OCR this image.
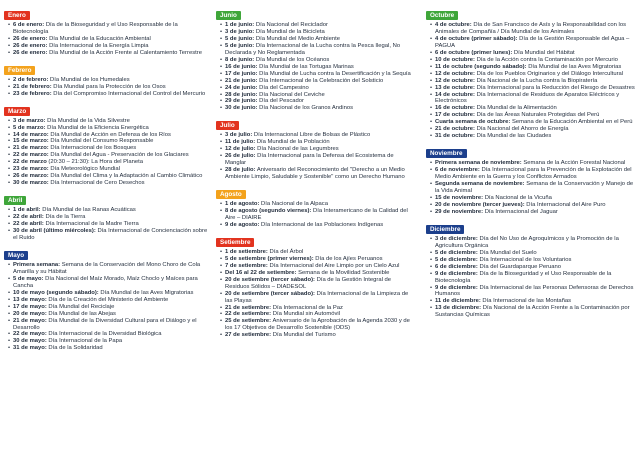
Enero
• 6 de enero: Día de la Bioseguridad y el Uso Responsable de la Biotecnología
• 26 de enero: Día Mundial de la Educación Ambiental
• 26 de enero: Día Internacional de la Energía Limpia
• 26 de enero: Día Mundial de la Acción Frente al Calentamiento Terrestre
Febrero
• 2 de febrero: Día Mundial de los Humedales
• 21 de febrero: Día Mundial para la Protección de los Osos
• 23 de febrero: Día del Compromiso Internacional del Control del Mercurio
Marzo
• 3 de marzo: Día Mundial de la Vida Silvestre
• 5 de marzo: Día Mundial de la Eficiencia Energética
• 14 de marzo: Día Mundial de Acción en Defensa de los Ríos
• 15 de marzo: Día Mundial del Consumo Responsable
• 21 de marzo: Día Internacional de los Bosques
• 22 de marzo: Día Mundial del Agua - Preservación de los Glaciares
• 22 de marzo (20:30 – 21:30): La Hora del Planeta
• 23 de marzo: Día Meteorológico Mundial
• 26 de marzo: Día Mundial del Clima y la Adaptación al Cambio Climático
• 30 de marzo: Día Internacional de Cero Desechos
Abril
• 1 de abril: Día Mundial de las Ranas Acuáticas
• 22 de abril: Día de la Tierra
• 22 de abril: Día Internacional de la Madre Tierra
• 30 de abril (último miércoles): Día Internacional de Concienciación sobre el Ruido
Mayo
• Primera semana: Semana de la Conservación del Mono Choro de Cola Amarilla y su Hábitat
• 5 de mayo: Día Nacional del Maíz Morado, Maíz Choclo y Maíces para Cancha
• 10 de mayo (segundo sábado): Día Mundial de las Aves Migratorias
• 13 de mayo: Día de la Creación del Ministerio del Ambiente
• 17 de mayo: Día Mundial del Reciclaje
• 20 de mayo: Día Mundial de las Abejas
• 21 de mayo: Día Mundial de la Diversidad Cultural para el Diálogo y el Desarrollo
• 22 de mayo: Día Internacional de la Diversidad Biológica
• 30 de mayo: Día Internacional de la Papa
• 31 de mayo: Día de la Solidaridad
Junio
• 1 de junio: Día Nacional del Reciclador
• 3 de junio: Día Mundial de la Bicicleta
• 5 de junio: Día Mundial del Medio Ambiente
• 5 de junio: Día Internacional de la Lucha contra la Pesca Ilegal, No Declarada y No Reglamentada
• 8 de junio: Día Mundial de los Océanos
• 16 de junio: Día Mundial de las Tortugas Marinas
• 17 de junio: Día Mundial de Lucha contra la Desertificación y la Sequía
• 21 de junio: Día Internacional de la Celebración del Solsticio
• 24 de junio: Día del Campesino
• 28 de junio: Día Nacional del Ceviche
• 29 de junio: Día del Pescador
• 30 de junio: Día Nacional de los Granos Andinos
Julio
• 3 de julio: Día Internacional Libre de Bolsas de Plástico
• 11 de julio: Día Mundial de la Población
• 12 de julio: Día Nacional de las Legumbres
• 26 de julio: Día Internacional para la Defensa del Ecosistema de Manglar
• 28 de julio: Aniversario del Reconocimiento del "Derecho a un Medio Ambiente Limpio, Saludable y Sostenible" como un Derecho Humano
Agosto
• 1 de agosto: Día Nacional de la Alpaca
• 8 de agosto (segundo viernes): Día Interamericano de la Calidad del Aire – DIAIRE
• 9 de agosto: Día Internacional de las Poblaciones Indígenas
Setiembre
• 1 de setiembre: Día del Árbol
• 5 de setiembre (primer viernes): Día de los Ajíes Peruanos
• 7 de setiembre: Día Internacional del Aire Limpio por un Cielo Azul
• Del 16 al 22 de setiembre: Semana de la Movilidad Sostenible
• 20 de setiembre (tercer sábado): Día de la Gestión Integral de Residuos Sólidos – DIADESOL
• 20 de setiembre (tercer sábado): Día Internacional de la Limpieza de las Playas
• 21 de setiembre: Día Internacional de la Paz
• 22 de setiembre: Día Mundial sin Automóvil
• 25 de setiembre: Aniversario de la Aprobación de la Agenda 2030 y de los 17 Objetivos de Desarrollo Sostenible (ODS)
• 27 de setiembre: Día Mundial del Turismo
Octubre
• 4 de octubre: Día de San Francisco de Asís y la Responsabilidad con los Animales de Compañía / Día Mundial de los Animales
• 4 de octubre (primer sábado): Día de la Gestión Responsable del Agua – PAGUA
• 6 de octubre (primer lunes): Día Mundial del Hábitat
• 10 de octubre: Día de la Acción contra la Contaminación por Mercurio
• 11 de octubre (segundo sábado): Día Mundial de las Aves Migratorias
• 12 de octubre: Día de los Pueblos Originarios y del Diálogo Intercultural
• 12 de octubre: Día Nacional de la Lucha contra la Biopiratería
• 13 de octubre: Día Internacional para la Reducción del Riesgo de Desastres
• 14 de octubre: Día Internacional de Residuos de Aparatos Eléctricos y Electrónicos
• 16 de octubre: Día Mundial de la Alimentación
• 17 de octubre: Día de las Áreas Naturales Protegidas del Perú
• Cuarta semana de octubre: Semana de la Educación Ambiental en el Perú
• 21 de octubre: Día Nacional del Ahorro de Energía
• 31 de octubre: Día Mundial de las Ciudades
Noviembre
• Primera semana de noviembre: Semana de la Acción Forestal Nacional
• 6 de noviembre: Día Internacional para la Prevención de la Explotación del Medio Ambiente en la Guerra y los Conflictos Armados
• Segunda semana de noviembre: Semana de la Conservación y Manejo de la Vida Animal
• 15 de noviembre: Día Nacional de la Vicuña
• 20 de noviembre (tercer jueves): Día Internacional del Aire Puro
• 29 de noviembre: Día Internacional del Jaguar
Diciembre
• 3 de diciembre: Día del No Uso de Agroquímicos y la Promoción de la Agricultura Orgánica
• 5 de diciembre: Día Mundial del Suelo
• 5 de diciembre: Día Internacional de los Voluntarios
• 6 de diciembre: Día del Guardaparque Peruano
• 9 de diciembre: Día de la Bioseguridad y el Uso Responsable de la Biotecnología
• 9 de diciembre: Día Internacional de las Personas Defensoras de Derechos Humanos
• 11 de diciembre: Día Internacional de las Montañas
• 13 de diciembre: Día Nacional de la Acción Frente a la Contaminación por Sustancias Químicas
